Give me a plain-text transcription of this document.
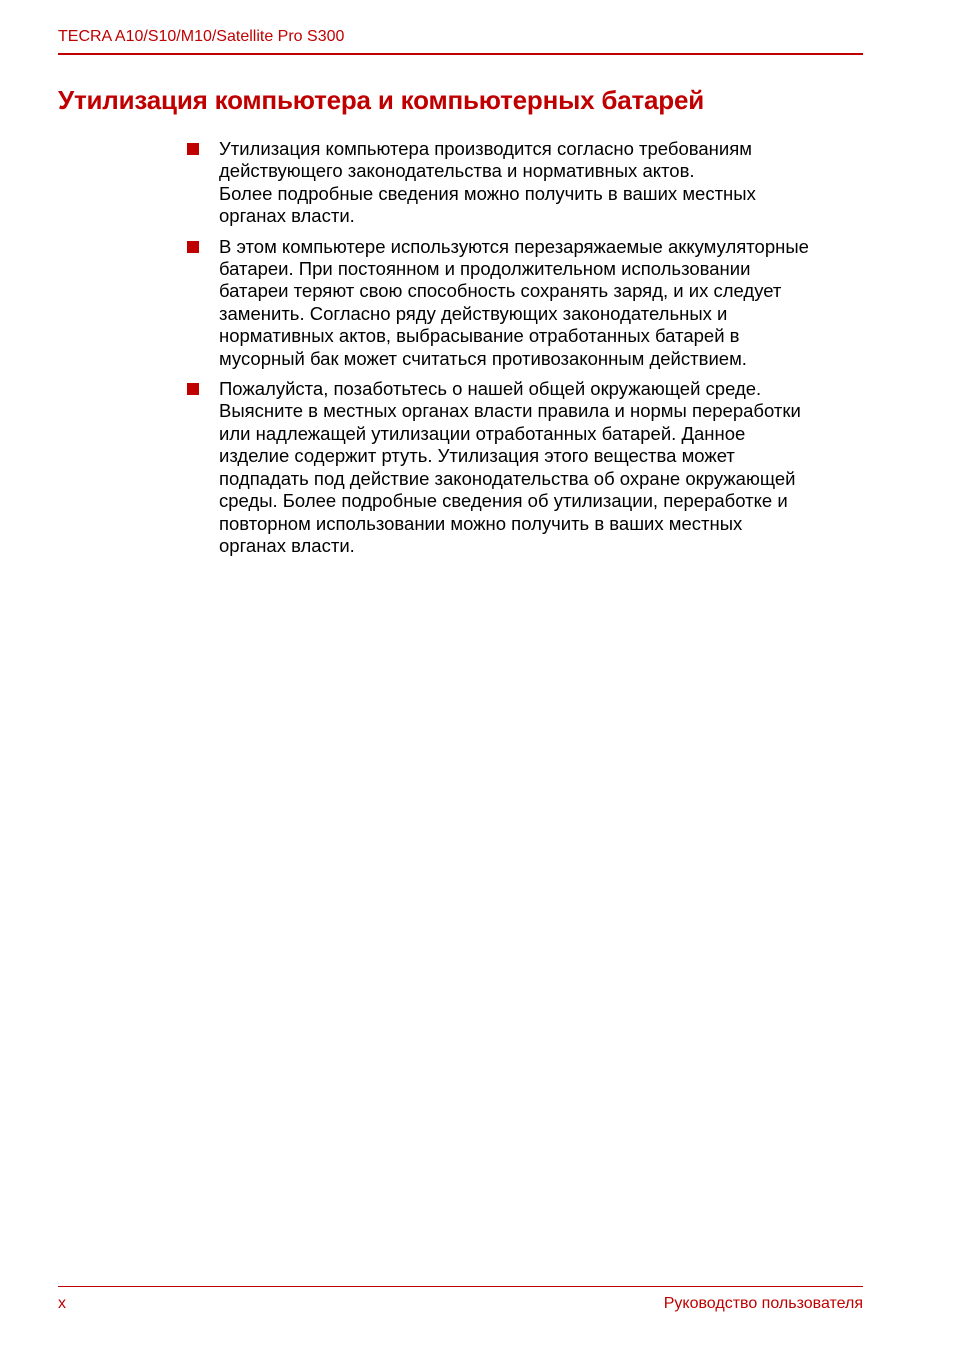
TECRA A10/S10/M10/Satellite Pro S300
Утилизация компьютера и компьютерных батарей
Утилизация компьютера производится согласно требованиям
действующего законодательства и нормативных актов.
Более подробные сведения можно получить в ваших местных
органах власти.
В этом компьютере используются перезаряжаемые аккумуляторные
батареи. При постоянном и продолжительном использовании
батареи теряют свою способность сохранять заряд, и их следует
заменить. Согласно ряду действующих законодательных и
нормативных актов, выбрасывание отработанных батарей в
мусорный бак может считаться противозаконным действием.
Пожалуйста, позаботьтесь о нашей общей окружающей среде.
Выясните в местных органах власти правила и нормы переработки
или надлежащей утилизации отработанных батарей. Данное
изделие содержит ртуть. Утилизация этого вещества может
подпадать под действие законодательства об охране окружающей
среды. Более подробные сведения об утилизации, переработке и
повторном использовании можно получить в ваших местных
органах власти.
x	Руководство пользователя
